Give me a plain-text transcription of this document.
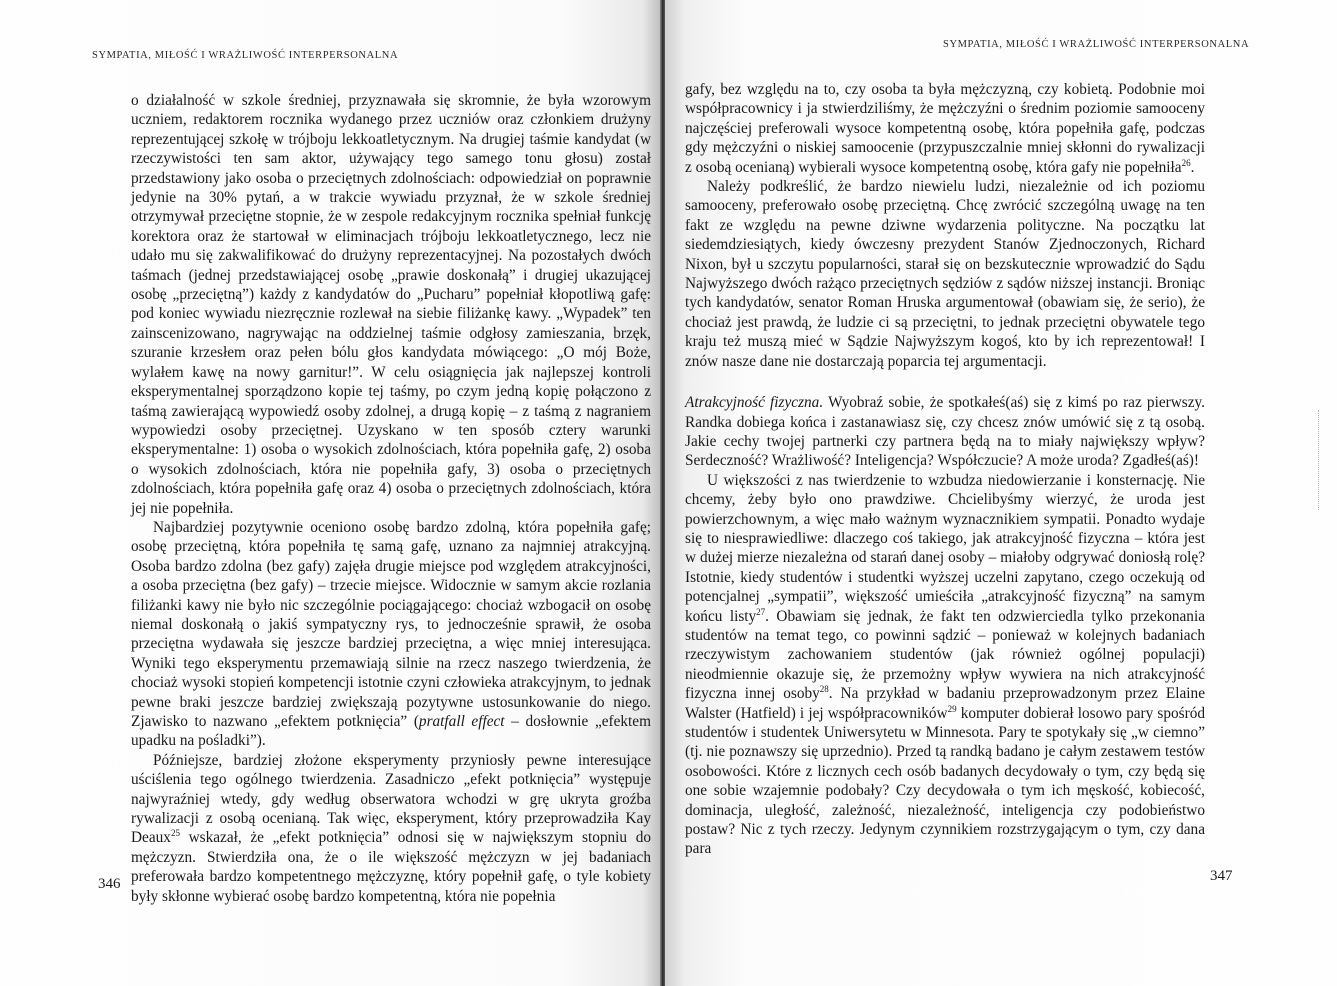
SYMPATIA, MIŁOŚĆ I WRAŻLIWOŚĆ INTERPERSONALNA

o działalność w szkole średniej, przyznawała się skromnie, że była wzorowym uczniem, redaktorem rocznika wydanego przez uczniów oraz członkiem drużyny reprezentującej szkołę w trójboju lekkoatletycznym. Na drugiej taśmie kandydat (w rzeczywistości ten sam aktor, używający tego samego tonu głosu) został przedstawiony jako osoba o przeciętnych zdolnościach: odpowiedział on poprawnie jedynie na 30% pytań, a w trakcie wywiadu przyznał, że w szkole średniej otrzymywał przeciętne stopnie, że w zespole redakcyjnym rocznika spełniał funkcję korektora oraz że startował w eliminacjach trójboju lekkoatletycznego, lecz nie udało mu się zakwalifikować do drużyny reprezentacyjnej. Na pozostałych dwóch taśmach (jednej przedstawiającej osobę „prawie doskonałą” i drugiej ukazującej osobę „przeciętną”) każdy z kandydatów do „Pucharu” popełniał kłopotliwą gafę: pod koniec wywiadu niezręcznie rozlewał na siebie filiżankę kawy. „Wypadek” ten zainscenizowano, nagrywając na oddzielnej taśmie odgłosy zamieszania, brzęk, szuranie krzesłem oraz pełen bólu głos kandydata mówiącego: „O mój Boże, wylałem kawę na nowy garnitur!”. W celu osiągnięcia jak najlepszej kontroli eksperymentalnej sporządzono kopie tej taśmy, po czym jedną kopię połączono z taśmą zawierającą wypowiedź osoby zdolnej, a drugą kopię – z taśmą z nagraniem wypowiedzi osoby przeciętnej. Uzyskano w ten sposób cztery warunki eksperymentalne: 1) osoba o wysokich zdolnościach, która popełniła gafę, 2) osoba o wysokich zdolnościach, która nie popełniła gafy, 3) osoba o przeciętnych zdolnościach, która popełniła gafę oraz 4) osoba o przeciętnych zdolnościach, która jej nie popełniła.

Najbardziej pozytywnie oceniono osobę bardzo zdolną, która popełniła gafę; osobę przeciętną, która popełniła tę samą gafę, uznano za najmniej atrakcyjną. Osoba bardzo zdolna (bez gafy) zajęła drugie miejsce pod względem atrakcyjności, a osoba przeciętna (bez gafy) – trzecie miejsce. Widocznie w samym akcie rozlania filiżanki kawy nie było nic szczególnie pociągającego: chociaż wzbogacił on osobę niemal doskonałą o jakiś sympatyczny rys, to jednocześnie sprawił, że osoba przeciętna wydawała się jeszcze bardziej przeciętna, a więc mniej interesująca. Wyniki tego eksperymentu przemawiają silnie na rzecz naszego twierdzenia, że chociaż wysoki stopień kompetencji istotnie czyni człowieka atrakcyjnym, to jednak pewne braki jeszcze bardziej zwiększają pozytywne ustosunkowanie do niego. Zjawisko to nazwano „efektem potknięcia” (pratfall effect – dosłownie „efektem upadku na pośladki”).

Późniejsze, bardziej złożone eksperymenty przyniosły pewne interesujące uściślenia tego ogólnego twierdzenia. Zasadniczo „efekt potknięcia” występuje najwyraźniej wtedy, gdy według obserwatora wchodzi w grę ukryta groźba rywalizacji z osobą ocenianą. Tak więc, eksperyment, który przeprowadziła Kay Deaux$^{25}$ wskazał, że „efekt potknięcia” odnosi się w największym stopniu do mężczyzn. Stwierdziła ona, że o ile większość mężczyzn w jej badaniach preferowała bardzo kompetentnego mężczyznę, który popełnił gafę, o tyle kobiety były skłonne wybierać osobę bardzo kompetentną, która nie popełnia

346
SYMPATIA, MIŁOŚĆ I WRAŻLIWOŚĆ INTERPERSONALNA

gafy, bez względu na to, czy osoba ta była mężczyzną, czy kobietą. Podobnie moi współpracownicy i ja stwierdziliśmy, że mężczyźni o średnim poziomie samooceny najczęściej preferowali wysoce kompetentną osobę, która popełniła gafę, podczas gdy mężczyźni o niskiej samoocenie (przypuszczalnie mniej skłonni do rywalizacji z osobą ocenianą) wybierali wysoce kompetentną osobę, która gafy nie popełniła$^{26}$.

Należy podkreślić, że bardzo niewielu ludzi, niezależnie od ich poziomu samooceny, preferowało osobę przeciętną. Chcę zwrócić szczególną uwagę na ten fakt ze względu na pewne dziwne wydarzenia polityczne. Na początku lat siedemdziesiątych, kiedy ówczesny prezydent Stanów Zjednoczonych, Richard Nixon, był u szczytu popularności, starał się on bezskutecznie wprowadzić do Sądu Najwyższego dwóch rażąco przeciętnych sędziów z sądów niższej instancji. Broniąc tych kandydatów, senator Roman Hruska argumentował (obawiam się, że serio), że chociaż jest prawdą, że ludzie ci są przeciętni, to jednak przeciętni obywatele tego kraju też muszą mieć w Sądzie Najwyższym kogoś, kto by ich reprezentował! I znów nasze dane nie dostarczają poparcia tej argumentacji.

Atrakcyjność fizyczna. Wyobraź sobie, że spotkałeś(aś) się z kimś po raz pierwszy. Randka dobiega końca i zastanawiasz się, czy chcesz znów umówić się z tą osobą. Jakie cechy twojej partnerki czy partnera będą na to miały największy wpływ? Serdeczność? Wrażliwość? Inteligencja? Współczucie? A może uroda? Zgadłeś(aś)!

U większości z nas twierdzenie to wzbudza niedowierzanie i konsternację. Nie chcemy, żeby było ono prawdziwe. Chcielibyśmy wierzyć, że uroda jest powierzchownym, a więc mało ważnym wyznacznikiem sympatii. Ponadto wydaje się to niesprawiedliwe: dlaczego coś takiego, jak atrakcyjność fizyczna – która jest w dużej mierze niezależna od starań danej osoby – miałoby odgrywać doniosłą rolę? Istotnie, kiedy studentów i studentki wyższej uczelni zapytano, czego oczekują od potencjalnej „sympatii”, większość umieściła „atrakcyjność fizyczną” na samym końcu listy$^{27}$. Obawiam się jednak, że fakt ten odzwierciedla tylko przekonania studentów na temat tego, co powinni sądzić – ponieważ w kolejnych badaniach rzeczywistym zachowaniem studentów (jak również ogólnej populacji) nieodmiennie okazuje się, że przemożny wpływ wywiera na nich atrakcyjność fizyczna innej osoby$^{28}$. Na przykład w badaniu przeprowadzonym przez Elaine Walster (Hatfield) i jej współpracowników$^{29}$ komputer dobierał losowo pary spośród studentów i studentek Uniwersytetu w Minnesota. Pary te spotykały się „w ciemno” (tj. nie poznawszy się uprzednio). Przed tą randką badano je całym zestawem testów osobowości. Które z licznych cech osób badanych decydowały o tym, czy będą się one sobie wzajemnie podobały? Czy decydowała o tym ich męskość, kobiecość, dominacja, uległość, zależność, niezależność, inteligencja czy podobieństwo postaw? Nic z tych rzeczy. Jedynym czynnikiem rozstrzygającym o tym, czy dana para

347
